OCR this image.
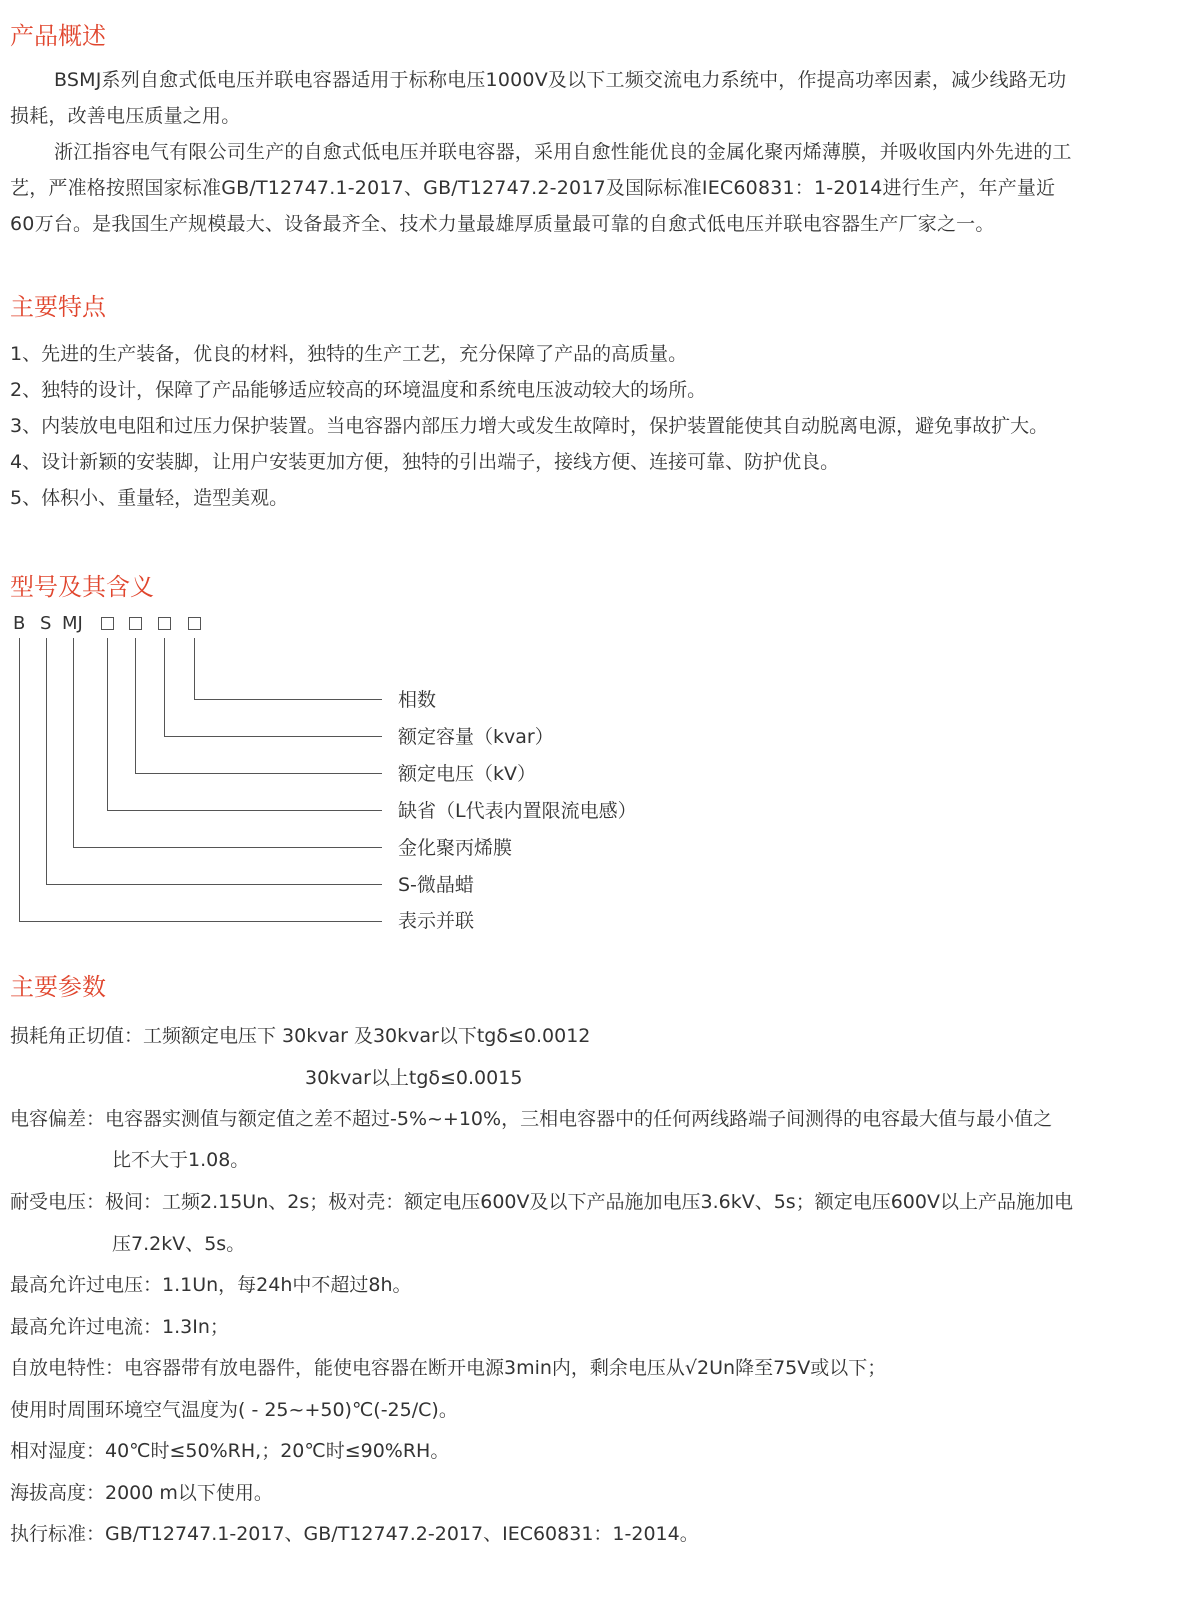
产品概述

BSMJ系列自愈式低电压并联电容器适用于标称电压1000V及以下工频交流电力系统中，作提高功率因素，减少线路无功
损耗，改善电压质量之用。

浙江指容电气有限公司生产的自愈式低电压并联电容器，采用自愈性能优良的金属化聚丙烯薄膜，并吸收国内外先进的工
艺，严准格按照国家标准GB/T12747.1-2017、GB/T12747.2-2017及国际标准IEC60831：1-2014进行生产，年产量近
60万台。是我国生产规模最大、设备最齐全、技术力量最雄厚质量最可靠的自愈式低电压并联电容器生产厂家之一。

主要特点

1、先进的生产装备，优良的材料，独特的生产工艺，充分保障了产品的高质量。

2、独特的设计，保障了产品能够适应较高的环境温度和系统电压波动较大的场所。

3、内装放电电阻和过压力保护装置。当电容器内部压力增大或发生故障时，保护装置能使其自动脱离电源，避免事故扩大。

4、设计新颖的安装脚，让用户安装更加方便，独特的引出端子，接线方便、连接可靠、防护优良。

5、体积小、重量轻，造型美观。

型号及其含义
B S MJ
相数
额定容量（kvar）
额定电压（kV）
缺省（L代表内置限流电感）
金化聚丙烯膜
S-微晶蜡
表示并联
主要参数

损耗角正切值：工频额定电压下 30kvar 及30kvar以下tgδ≤0.0012

30kvar以上tgδ≤0.0015

电容偏差：电容器实测值与额定值之差不超过-5%~+10%，三相电容器中的任何两线路端子间测得的电容最大值与最小值之

比不大于1.08。

耐受电压：极间：工频2.15Un、2s；极对壳：额定电压600V及以下产品施加电压3.6kV、5s；额定电压600V以上产品施加电

压7.2kV、5s。

最高允许过电压：1.1Un，每24h中不超过8h。

最高允许过电流：1.3In；

自放电特性：电容器带有放电器件，能使电容器在断开电源3min内，剩余电压从√2Un降至75V或以下；

使用时周围环境空气温度为( - 25~+50)℃(-25/C)。

相对湿度：40℃时≤50%RH,；20℃时≤90%RH。

海拔高度：2000 m以下使用。

执行标准：GB/T12747.1-2017、GB/T12747.2-2017、IEC60831：1-2014。
